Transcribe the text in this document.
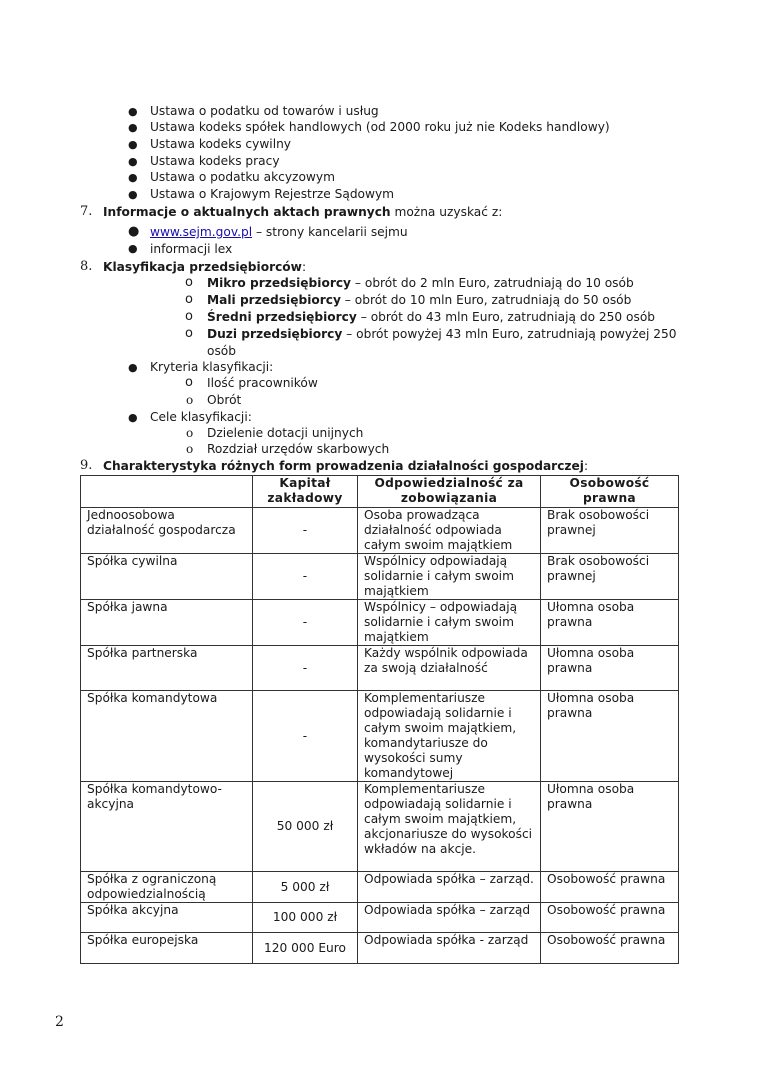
● Ustawa o podatku od towarów i usług
● Ustawa kodeks spółek handlowych (od 2000 roku już nie Kodeks handlowy)
● Ustawa kodeks cywilny
● Ustawa kodeks pracy
● Ustawa o podatku akcyzowym
● Ustawa o Krajowym Rejestrze Sądowym
7. Informacje o aktualnych aktach prawnych można uzyskać z:
● www.sejm.gov.pl – strony kancelarii sejmu
● informacji lex
8. Klasyfikacja przedsiębiorców:
o Mikro przedsiębiorcy – obrót do 2 mln Euro, zatrudniają do 10 osób
o Mali przedsiębiorcy – obrót do 10 mln Euro, zatrudniają do 50 osób
o Średni przedsiębiorcy – obrót do 43 mln Euro, zatrudniają do 250 osób
o Duzi przedsiębiorcy – obrót powyżej 43 mln Euro, zatrudniają powyżej 250
osób
● Kryteria klasyfikacji:
o Ilość pracowników
o Obrót
● Cele klasyfikacji:
o Dzielenie dotacji unijnych
o Rozdział urzędów skarbowych
9. Charakterystyka różnych form prowadzenia działalności gospodarczej:
	Kapitał zakładowy	Odpowiedzialność za zobowiązania	Osobowość prawna
Jednoosobowa działalność gospodarcza	-	Osoba prowadząca działalność odpowiada całym swoim majątkiem	Brak osobowości prawnej
Spółka cywilna	-	Wspólnicy odpowiadają solidarnie i całym swoim majątkiem	Brak osobowości prawnej
Spółka jawna	-	Wspólnicy – odpowiadają solidarnie i całym swoim majątkiem	Ułomna osoba prawna
Spółka partnerska	-	Każdy wspólnik odpowiada za swoją działalność	Ułomna osoba prawna
Spółka komandytowa	-	Komplementariusze odpowiadają solidarnie i całym swoim majątkiem, komandytariusze do wysokości sumy komandytowej	Ułomna osoba prawna
Spółka komandytowo-akcyjna	50 000 zł	Komplementariusze odpowiadają solidarnie i całym swoim majątkiem, akcjonariusze do wysokości wkładów na akcje.	Ułomna osoba prawna
Spółka z ograniczoną odpowiedzialnością	5 000 zł	Odpowiada spółka – zarząd.	Osobowość prawna
Spółka akcyjna	100 000 zł	Odpowiada spółka – zarząd	Osobowość prawna
Spółka europejska	120 000 Euro	Odpowiada spółka - zarząd	Osobowość prawna
2
